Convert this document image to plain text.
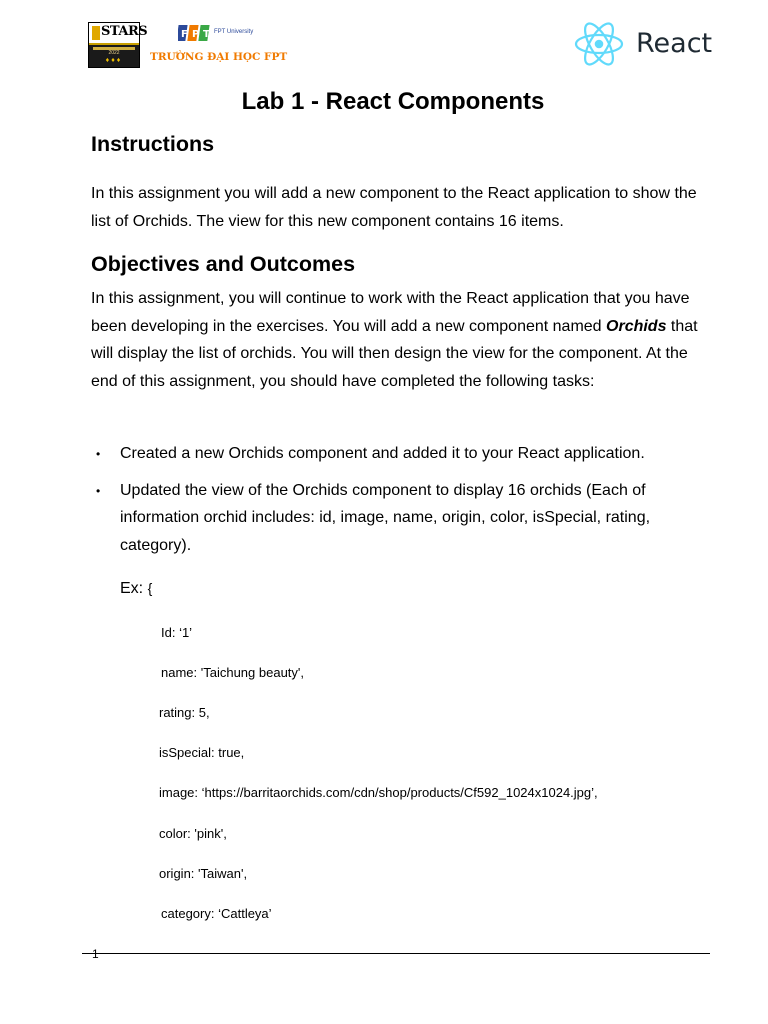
STARS
2022
♦♦♦
F P T FPT University
TRƯỜNG ĐẠI HỌC FPT	React
Lab 1 - React Components
Instructions
In this assignment you will add a new component to the React application to show the list of Orchids. The view for this new component contains 16 items.
Objectives and Outcomes
In this assignment, you will continue to work with the React application that you have been developing in the exercises. You will add a new component named Orchids that will display the list of orchids. You will then design the view for the component. At the end of this assignment, you should have completed the following tasks:
• Created a new Orchids component and added it to your React application.
• Updated the view of the Orchids component to display 16 orchids (Each of information orchid includes: id, image, name, origin, color, isSpecial, rating, category).
Ex: {
Id: ‘1’
name: 'Taichung beauty',
rating: 5,
isSpecial: true,
image: ‘https://barritaorchids.com/cdn/shop/products/Cf592_1024x1024.jpg’,
color: 'pink',
origin: 'Taiwan',
category: ‘Cattleya’
1
